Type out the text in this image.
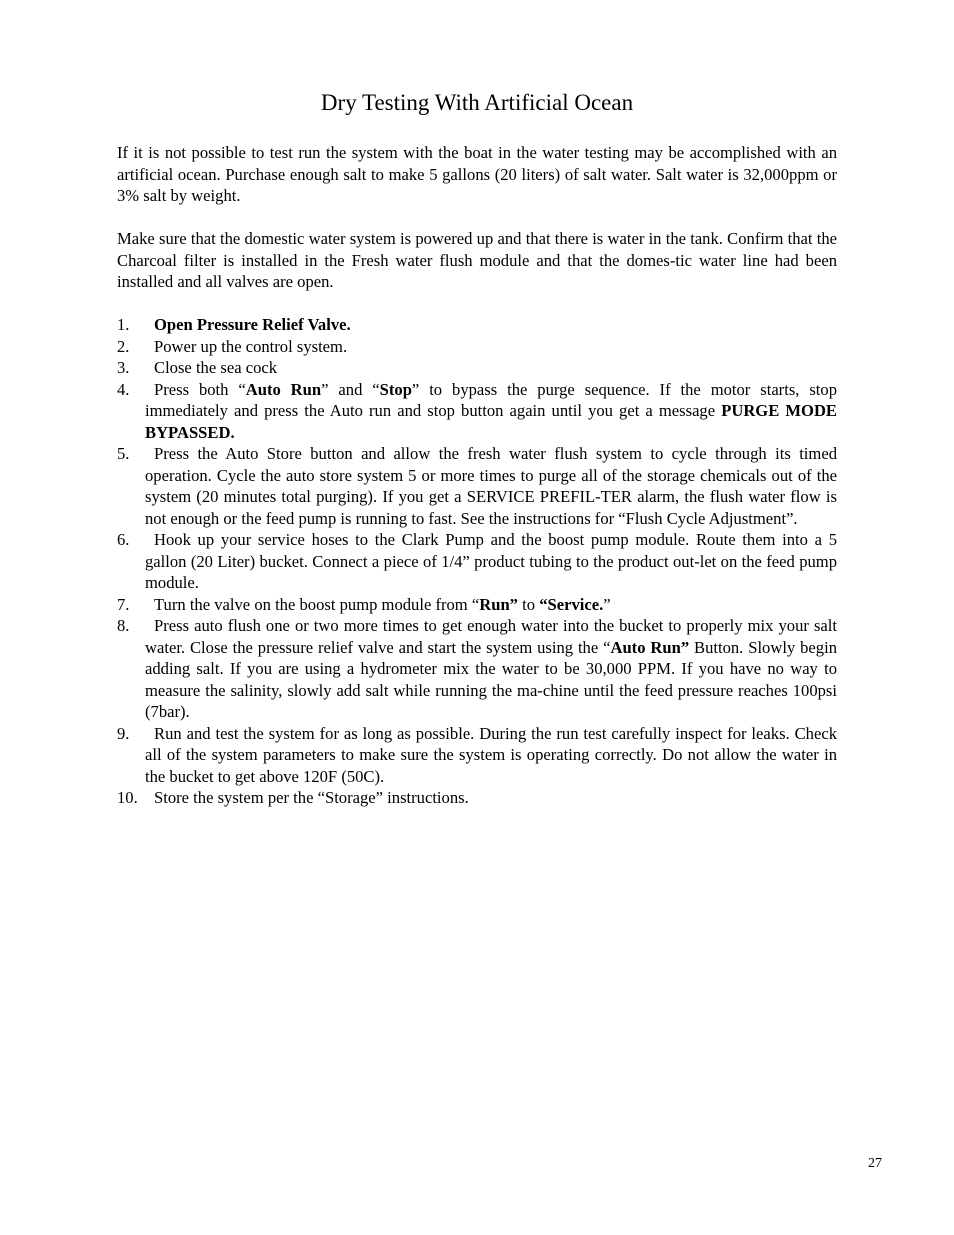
Dry Testing With Artificial Ocean

If it is not possible to test run the system with the boat in the water testing may be accomplished with an artificial ocean. Purchase enough salt to make 5 gallons (20 liters) of salt water. Salt water is 32,000ppm or 3% salt by weight.

Make sure that the domestic water system is powered up and that there is water in the tank. Confirm that the Charcoal filter is installed in the Fresh water flush module and that the domes-tic water line had been installed and all valves are open.

1. Open Pressure Relief Valve.
2. Power up the control system.
3. Close the sea cock
4.	Press both “Auto Run” and “Stop” to bypass the purge sequence. If the motor starts, stop immediately and press the Auto run and stop button again until you get a message PURGE MODE BYPASSED.
5.	Press the Auto Store button and allow the fresh water flush system to cycle through its timed operation. Cycle the auto store system 5 or more times to purge all of the storage chemicals out of the system (20 minutes total purging). If you get a SERVICE PREFIL-TER alarm, the flush water flow is not enough or the feed pump is running to fast. See the instructions for “Flush Cycle Adjustment”.
6.	Hook up your service hoses to the Clark Pump and the boost pump module. Route them into a 5 gallon (20 Liter) bucket. Connect a piece of 1/4” product tubing to the product out-let on the feed pump module.
7.	Turn the valve on the boost pump module from “Run” to “Service.”
8.	Press auto flush one or two more times to get enough water into the bucket to properly mix your salt water. Close the pressure relief valve and start the system using the “Auto Run” Button. Slowly begin adding salt. If you are using a hydrometer mix the water to be 30,000 PPM. If you have no way to measure the salinity, slowly add salt while running the ma-chine until the feed pressure reaches 100psi (7bar).
9.	Run and test the system for as long as possible. During the run test carefully inspect for leaks. Check all of the system parameters to make sure the system is operating correctly. Do not allow the water in the bucket to get above 120F (50C).
10. Store the system per the “Storage” instructions.
27
